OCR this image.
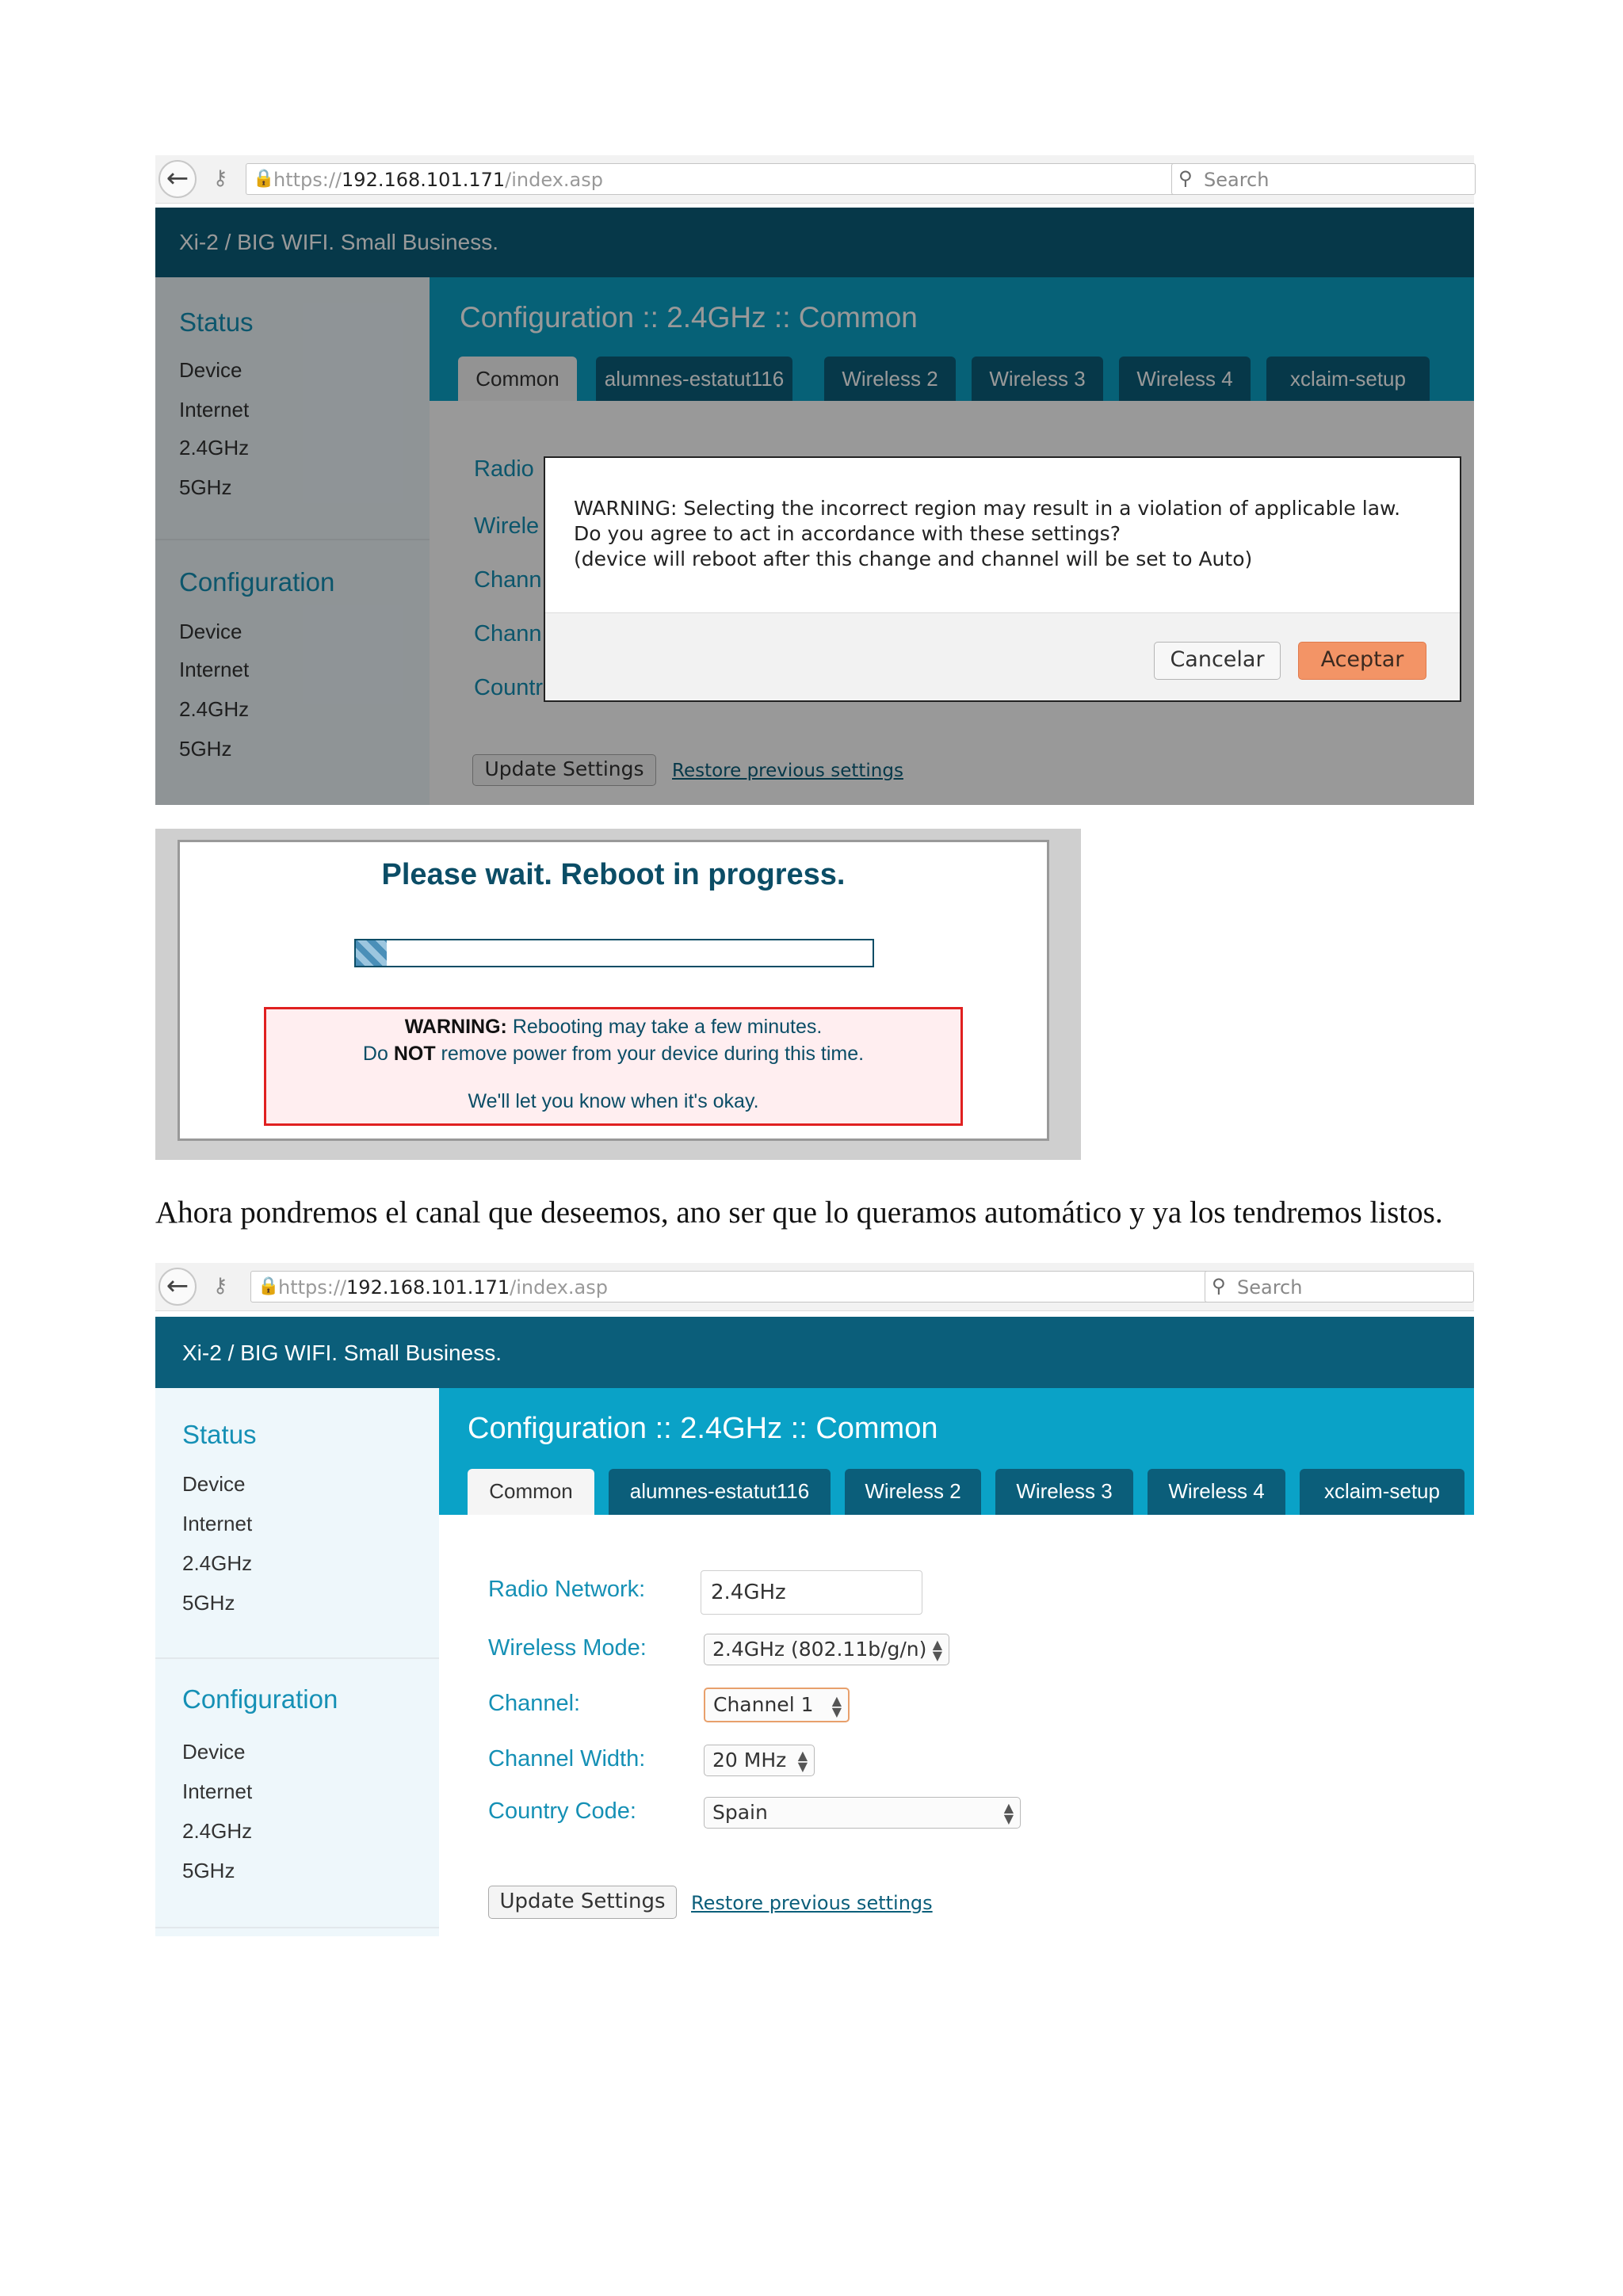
←	⚷	🔒
https://192.168.101.171/index.asp	⚲ Search
Xi-2 / BIG WIFI. Small Business.
Status
Device
Internet
2.4GHz
5GHz
Configuration
Device
Internet
2.4GHz
5GHz
Configuration :: 2.4GHz :: Common
Common	alumnes-estatut116	Wireless 2	Wireless 3	Wireless 4	xclaim-setup
Radio
Wirele
Chann
Chann
Countr
Update Settings	Restore previous settings
WARNING: Selecting the incorrect region may result in a violation of applicable law.
Do you agree to act in accordance with these settings?
(device will reboot after this change and channel will be set to Auto)
Cancelar	Aceptar
Please wait. Reboot in progress.
WARNING: Rebooting may take a few minutes.
Do NOT remove power from your device during this time.
We'll let you know when it's okay.
Ahora pondremos el canal que deseemos, ano ser que lo queramos automático y ya los tendremos listos.
←	⚷	🔒
https://192.168.101.171/index.asp	⚲ Search
Xi-2 / BIG WIFI. Small Business.
Status
Device
Internet
2.4GHz
5GHz
Configuration
Device
Internet
2.4GHz
5GHz
Configuration :: 2.4GHz :: Common
Common	alumnes-estatut116	Wireless 2	Wireless 3	Wireless 4	xclaim-setup
Radio Network:	2.4GHz
Wireless Mode:	2.4GHz (802.11b/g/n) ▲
▼
Channel:	Channel 1 ▲
▼
Channel Width:	20 MHz ▲
▼
Country Code:	Spain	▲
▼
Update Settings	Restore previous settings
